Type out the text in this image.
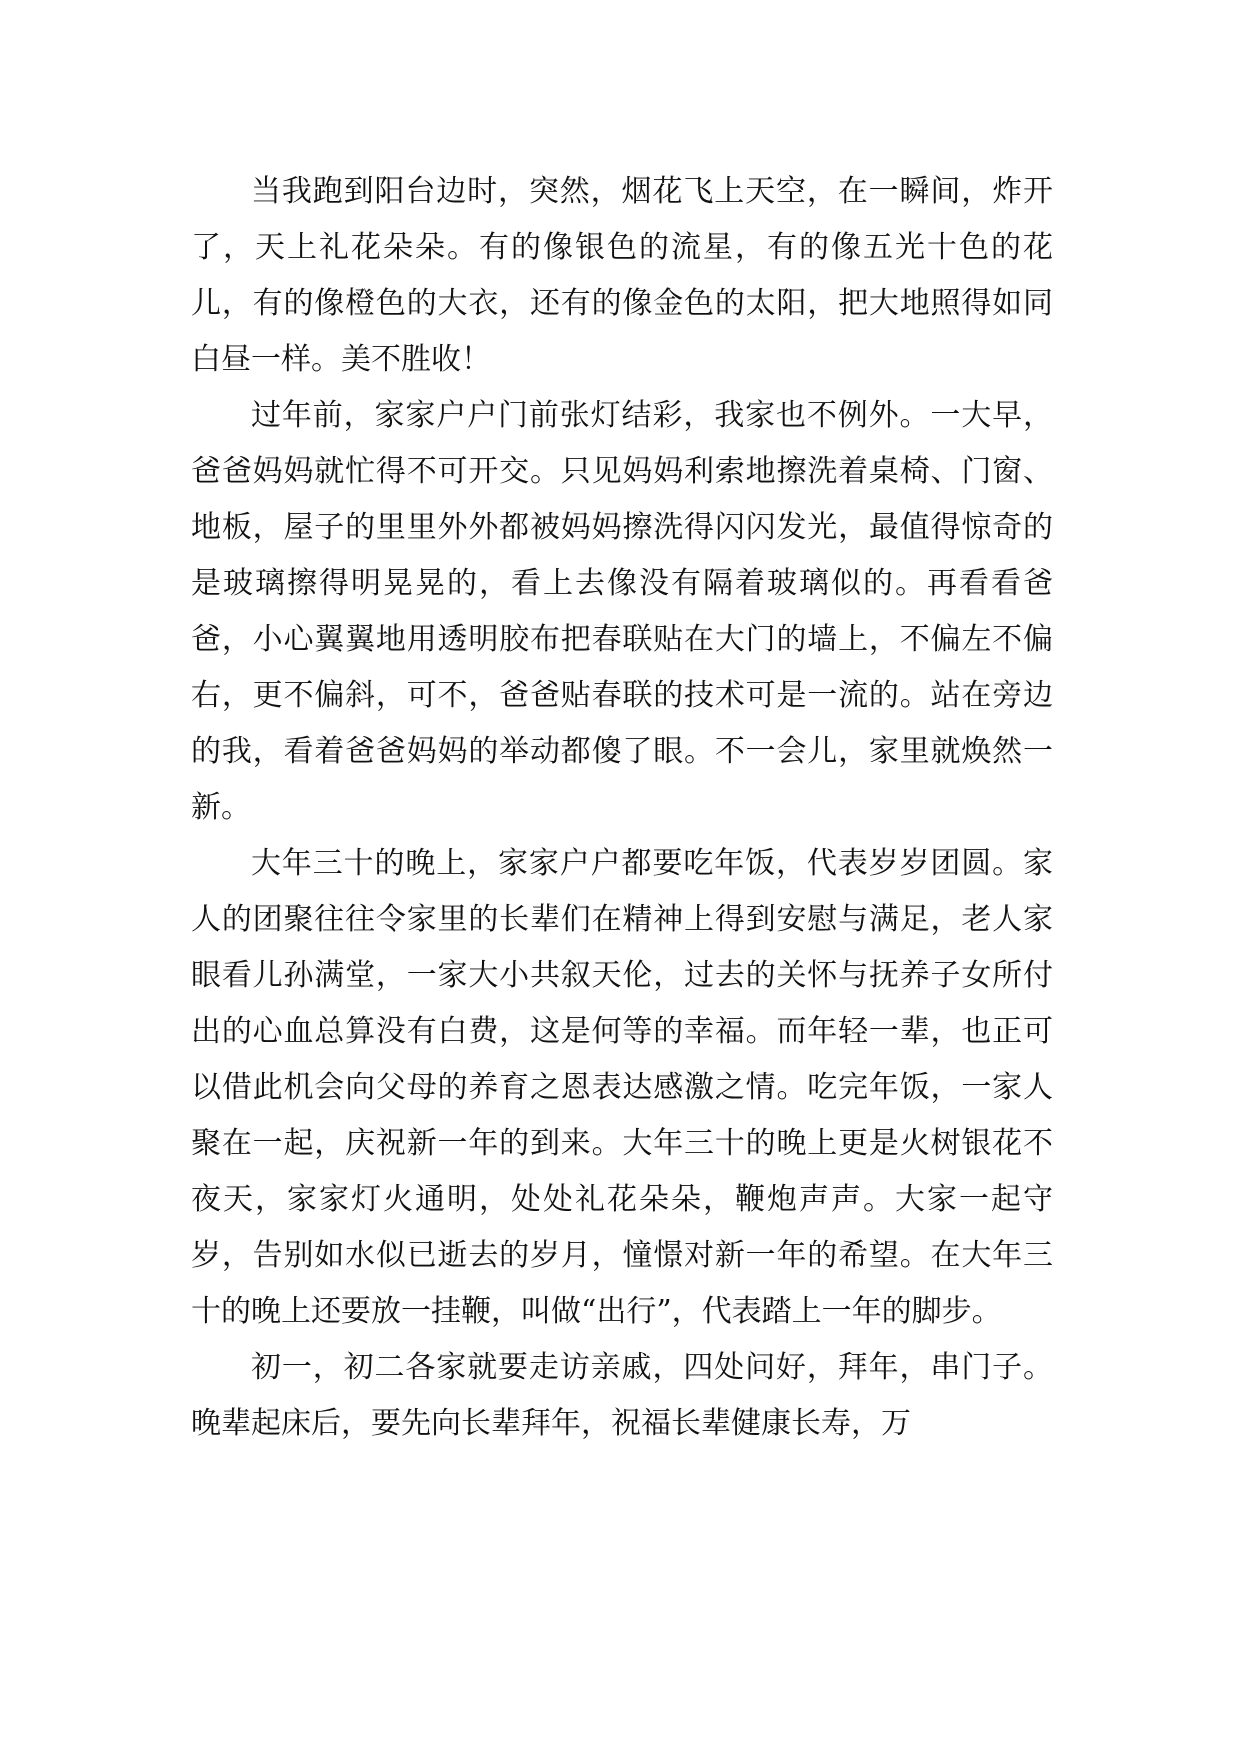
当我跑到阳台边时，突然，烟花飞上天空，在一瞬间，炸开了，天上礼花朵朵。有的像银色的流星，有的像五光十色的花儿，有的像橙色的大衣，还有的像金色的太阳，把大地照得如同白昼一样。美不胜收！

过年前，家家户户门前张灯结彩，我家也不例外。一大早，爸爸妈妈就忙得不可开交。只见妈妈利索地擦洗着桌椅、门窗、地板，屋子的里里外外都被妈妈擦洗得闪闪发光，最值得惊奇的是玻璃擦得明晃晃的，看上去像没有隔着玻璃似的。再看看爸爸，小心翼翼地用透明胶布把春联贴在大门的墙上，不偏左不偏右，更不偏斜，可不，爸爸贴春联的技术可是一流的。站在旁边的我，看着爸爸妈妈的举动都傻了眼。不一会儿，家里就焕然一新。

大年三十的晚上，家家户户都要吃年饭，代表岁岁团圆。家人的团聚往往令家里的长辈们在精神上得到安慰与满足，老人家眼看儿孙满堂，一家大小共叙天伦，过去的关怀与抚养子女所付出的心血总算没有白费，这是何等的幸福。而年轻一辈，也正可以借此机会向父母的养育之恩表达感激之情。吃完年饭，一家人聚在一起，庆祝新一年的到来。大年三十的晚上更是火树银花不夜天，家家灯火通明，处处礼花朵朵，鞭炮声声。大家一起守岁，告别如水似已逝去的岁月，憧憬对新一年的希望。在大年三十的晚上还要放一挂鞭，叫做“出行”，代表踏上一年的脚步。

初一，初二各家就要走访亲戚，四处问好，拜年，串门子。晚辈起床后，要先向长辈拜年，祝福长辈健康长寿，万
